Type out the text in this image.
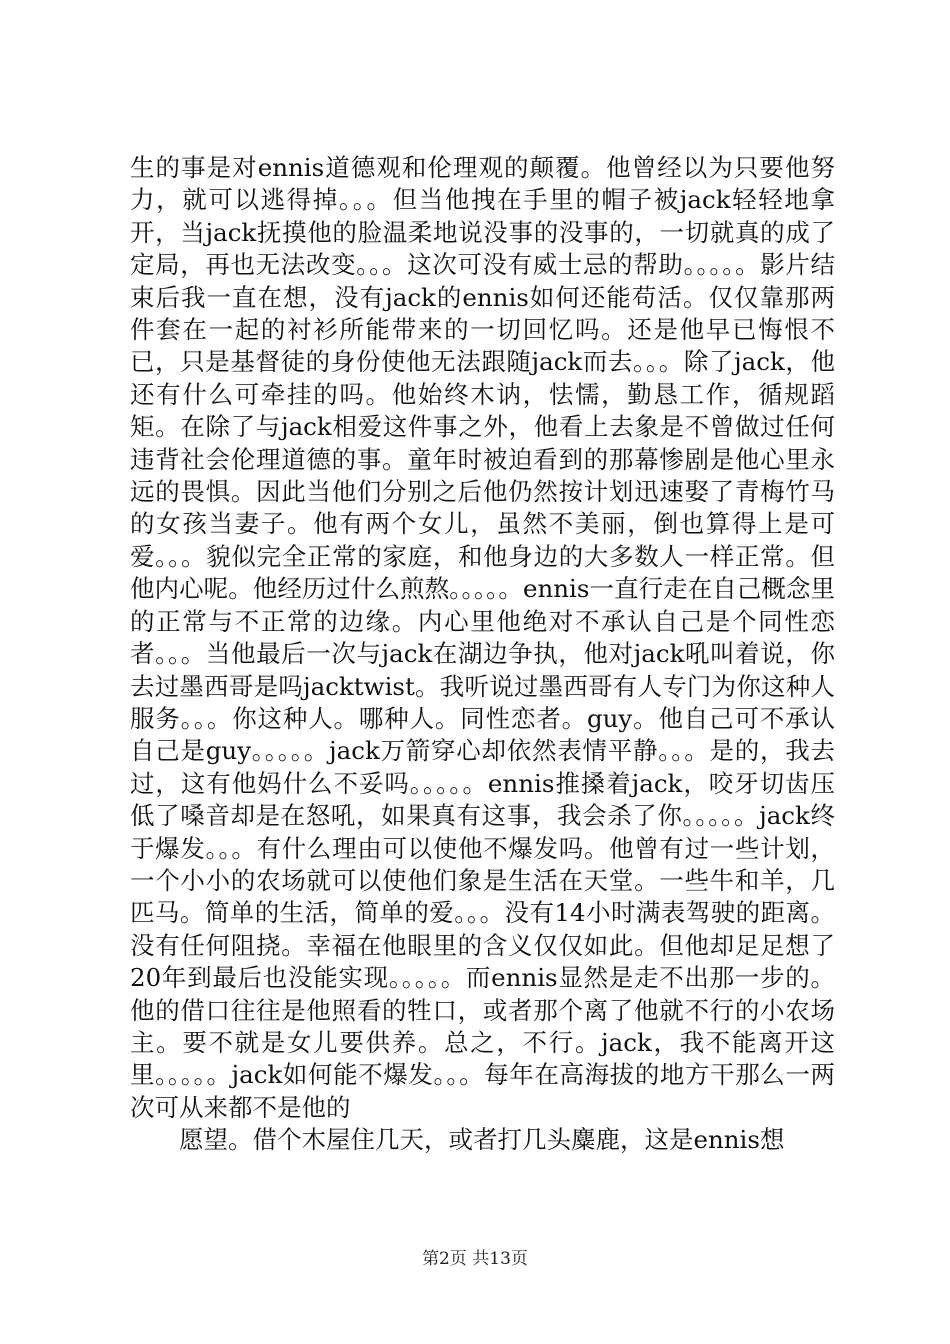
生的事是对ennis道德观和伦理观的颠覆。他曾经以为只要他努力，就可以逃得掉。。。但当他拽在手里的帽子被jack轻轻地拿开，当jack抚摸他的脸温柔地说没事的没事的，一切就真的成了定局，再也无法改变。。。这次可没有威士忌的帮助。。。。。影片结束后我一直在想，没有jack的ennis如何还能苟活。仅仅靠那两件套在一起的衬衫所能带来的一切回忆吗。还是他早已悔恨不已，只是基督徒的身份使他无法跟随jack而去。。。除了jack，他还有什么可牵挂的吗。他始终木讷，怯懦，勤恳工作，循规蹈矩。在除了与jack相爱这件事之外，他看上去象是不曾做过任何违背社会伦理道德的事。童年时被迫看到的那幕惨剧是他心里永远的畏惧。因此当他们分别之后他仍然按计划迅速娶了青梅竹马的女孩当妻子。他有两个女儿，虽然不美丽，倒也算得上是可爱。。。貌似完全正常的家庭，和他身边的大多数人一样正常。但他内心呢。他经历过什么煎熬。。。。。ennis一直行走在自己概念里的正常与不正常的边缘。内心里他绝对不承认自己是个同性恋者。。。当他最后一次与jack在湖边争执，他对jack吼叫着说，你去过墨西哥是吗jacktwist。我听说过墨西哥有人专门为你这种人服务。。。你这种人。哪种人。同性恋者。guy。他自己可不承认自己是guy。。。。。jack万箭穿心却依然表情平静。。。是的，我去过，这有他妈什么不妥吗。。。。。ennis推搡着jack，咬牙切齿压低了嗓音却是在怒吼，如果真有这事，我会杀了你。。。。。jack终于爆发。。。有什么理由可以使他不爆发吗。他曾有过一些计划，一个小小的农场就可以使他们象是生活在天堂。一些牛和羊，几匹马。简单的生活，简单的爱。。。没有14小时满表驾驶的距离。没有任何阻挠。幸福在他眼里的含义仅仅如此。但他却足足想了20年到最后也没能实现。。。。。而ennis显然是走不出那一步的。他的借口往往是他照看的牲口，或者那个离了他就不行的小农场主。要不就是女儿要供养。总之，不行。jack，我不能离开这里。。。。。jack如何能不爆发。。。每年在高海拔的地方干那么一两次可从来都不是他的

愿望。借个木屋住几天，或者打几头麋鹿，这是ennis想

第2页 共13页
